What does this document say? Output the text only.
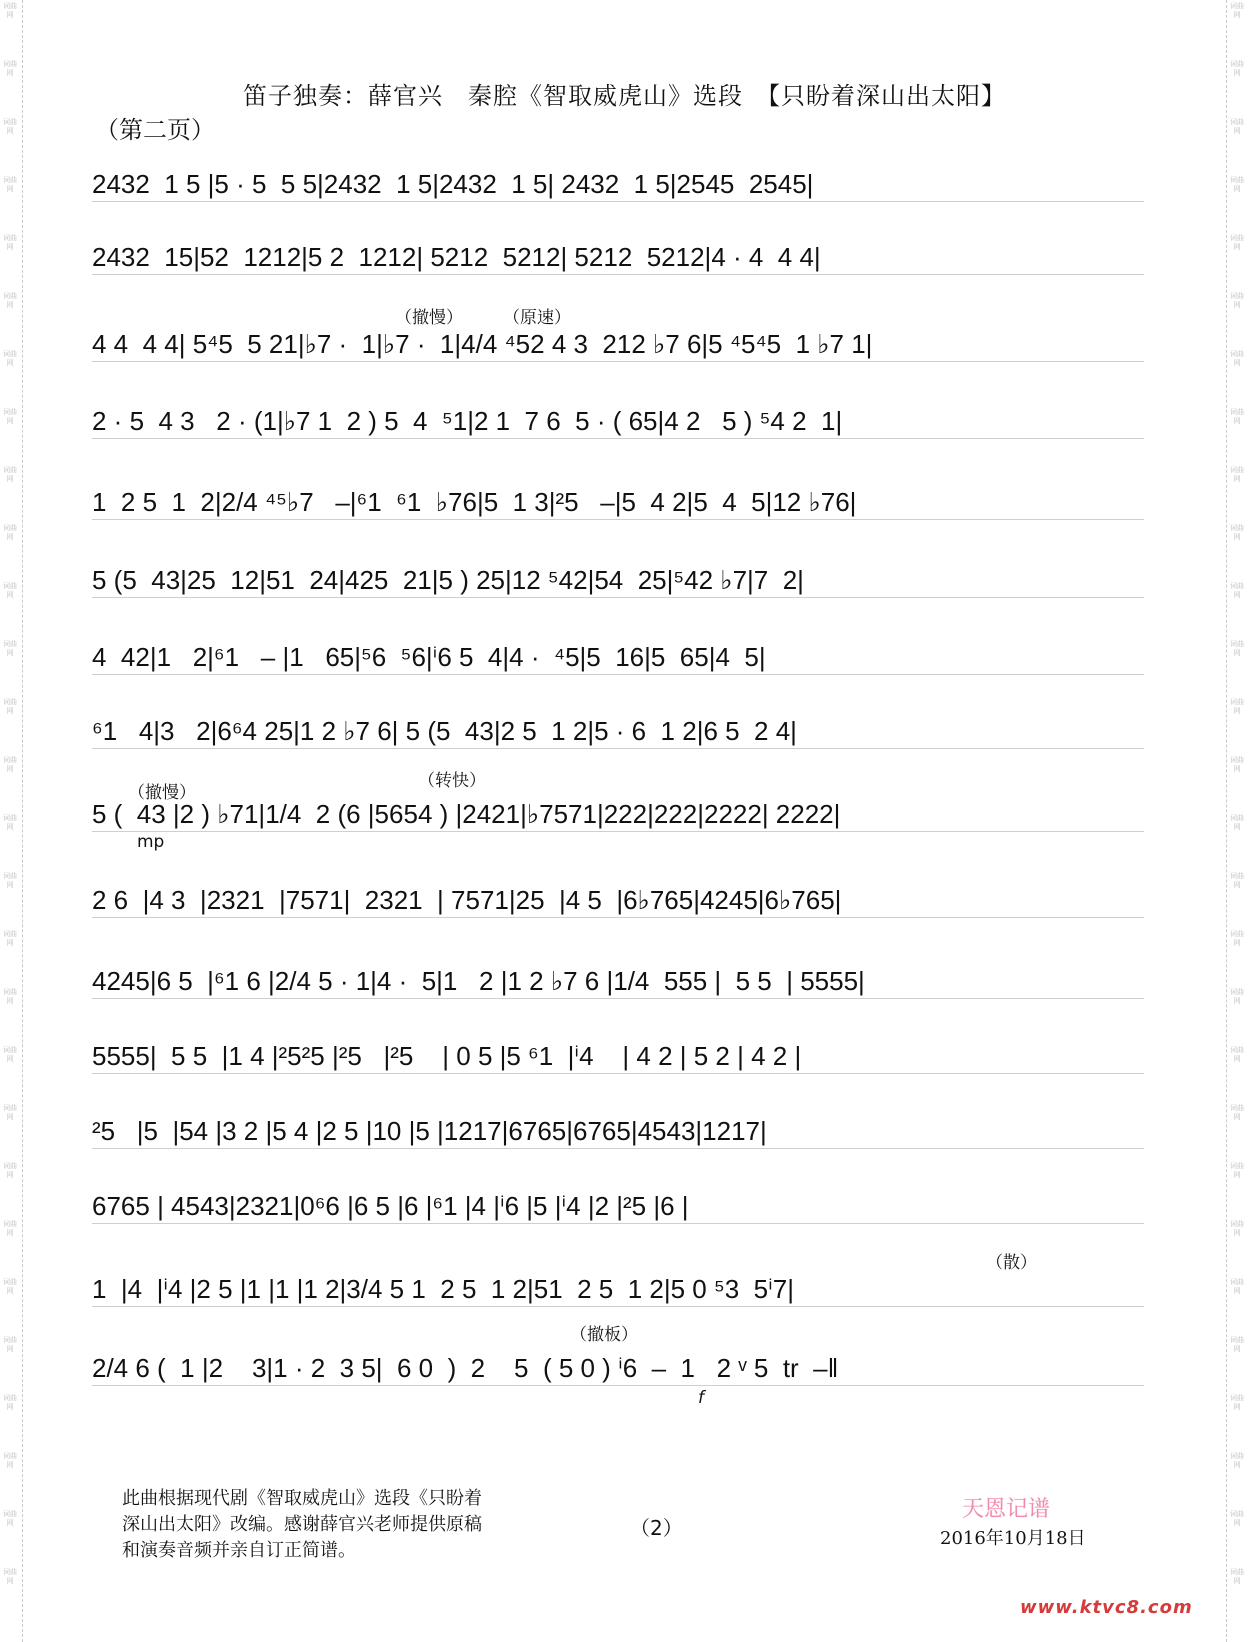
词曲网
词曲网
词曲网
词曲网
词曲网
词曲网
词曲网
词曲网
词曲网
词曲网
词曲网
词曲网
词曲网
词曲网
词曲网
词曲网
词曲网
词曲网
词曲网
词曲网
词曲网
词曲网
词曲网
词曲网
词曲网
词曲网
词曲网
词曲网
词曲网
词曲网
词曲网
词曲网
词曲网
词曲网
词曲网
词曲网
词曲网
词曲网
词曲网
词曲网
词曲网
词曲网
词曲网
词曲网
词曲网
词曲网
词曲网
词曲网
词曲网
词曲网
词曲网
词曲网
词曲网
词曲网
词曲网
词曲网
笛子独奏：薛官兴　秦腔《智取威虎山》选段　【只盼着深山出太阳】
（第二页）
2432  1 5 |5 · 5  5 5|2432  1 5|2432  1 5| 2432  1 5|2545  2545|
2432  15|52  1212|5 2  1212| 5212  5212| 5212  5212|4 · 4  4 4|
4 4  4 4| 5⁴5  5 21|♭7 ·  1|♭7 ·  1|4/4 ⁴52 4 3  212 ♭7 6|5 ⁴5⁴5  1 ♭7 1|
2 · 5  4 3   2 · (1|♭7 1  2 ) 5  4  ⁵1|2 1  7 6  5 · ( 65|4 2   5 ) ⁵4 2  1|
1  2 5  1  2|2/4 ⁴⁵♭7   –|⁶1  ⁶1  ♭76|5  1 3|²5   –|5  4 2|5  4  5|12 ♭76|
5 (5  43|25  12|51  24|425  21|5 ) 25|12 ⁵42|54  25|⁵42 ♭7|7  2|
4  42|1   2|⁶1   – |1   65|⁵6  ⁵6|ⁱ6 5  4|4 ·  ⁴5|5  16|5  65|4  5|
⁶1   4|3   2|6⁶4 25|1 2 ♭7 6| 5 (5  43|2 5  1 2|5 · 6  1 2|6 5  2 4|
5 (  43 |2 ) ♭71|1/4  2 (6 |5654 ) |2421|♭7571|222|222|2222| 2222|
2 6  |4 3  |2321  |7571|  2321  | 7571|25  |4 5  |6♭765|4245|6♭765|
4245|6 5  |⁶1 6 |2/4 5 · 1|4 ·  5|1   2 |1 2 ♭7 6 |1/4  555 |  5 5  | 5555|
5555|  5 5  |1 4 |²5²5 |²5   |²5    | 0 5 |5 ⁶1  |ⁱ4    | 4 2 | 5 2 | 4 2 |
²5   |5  |54 |3 2 |5 4 |2 5 |10 |5 |1217|6765|6765|4543|1217|
6765 | 4543|2321|0⁶6 |6 5 |6 |⁶1 |4 |ⁱ6 |5 |ⁱ4 |2 |²5 |6 |
1  |4  |ⁱ4 |2 5 |1 |1 |1 2|3/4 5 1  2 5  1 2|51  2 5  1 2|5 0 ⁵3  5ⁱ7|
2/4 6 (  1 |2    3|1 · 2  3 5|  6 0  )  2    5  ( 5 0 ) ⁱ6  –  1   2 ᵛ 5  tr  –‖
（撤慢） （原速）
（撤慢）
（转快）
（散）
（撤板）
mp
f
此曲根据现代剧《智取威虎山》选段《只盼着
深山出太阳》改编。感谢薛官兴老师提供原稿
和演奏音频并亲自订正简谱。
（2）
天恩记谱
2016年10月18日
www.ktvc8.com
